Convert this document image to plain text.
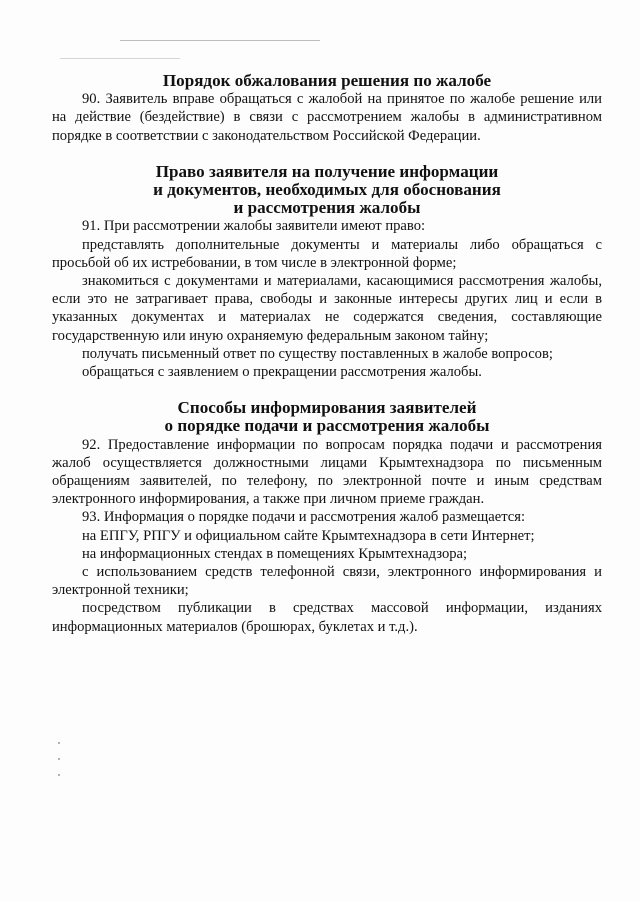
Порядок обжалования решения по жалобе

90. Заявитель вправе обращаться с жалобой на принятое по жалобе решение или на действие (бездействие) в связи с рассмотрением жалобы в административном порядке в соответствии с законодательством Российской Федерации.

Право заявителя на получение информации
и документов, необходимых для обоснования
и рассмотрения жалобы

91. При рассмотрении жалобы заявители имеют право:

представлять дополнительные документы и материалы либо обращаться с просьбой об их истребовании, в том числе в электронной форме;

знакомиться с документами и материалами, касающимися рассмотрения жалобы, если это не затрагивает права, свободы и законные интересы других лиц и если в указанных документах и материалах не содержатся сведения, составляющие государственную или иную охраняемую федеральным законом тайну;

получать письменный ответ по существу поставленных в жалобе вопросов;

обращаться с заявлением о прекращении рассмотрения жалобы.

Способы информирования заявителей
о порядке подачи и рассмотрения жалобы

92. Предоставление информации по вопросам порядка подачи и рассмотрения жалоб осуществляется должностными лицами Крымтехнадзора по письменным обращениям заявителей, по телефону, по электронной почте и иным средствам электронного информирования, а также при личном приеме граждан.

93. Информация о порядке подачи и рассмотрения жалоб размещается:

на ЕПГУ, РПГУ и официальном сайте Крымтехнадзора в сети Интернет;

на информационных стендах в помещениях Крымтехнадзора;

с использованием средств телефонной связи, электронного информирования и электронной техники;

посредством публикации в средствах массовой информации, изданиях информационных материалов (брошюрах, буклетах и т.д.).
